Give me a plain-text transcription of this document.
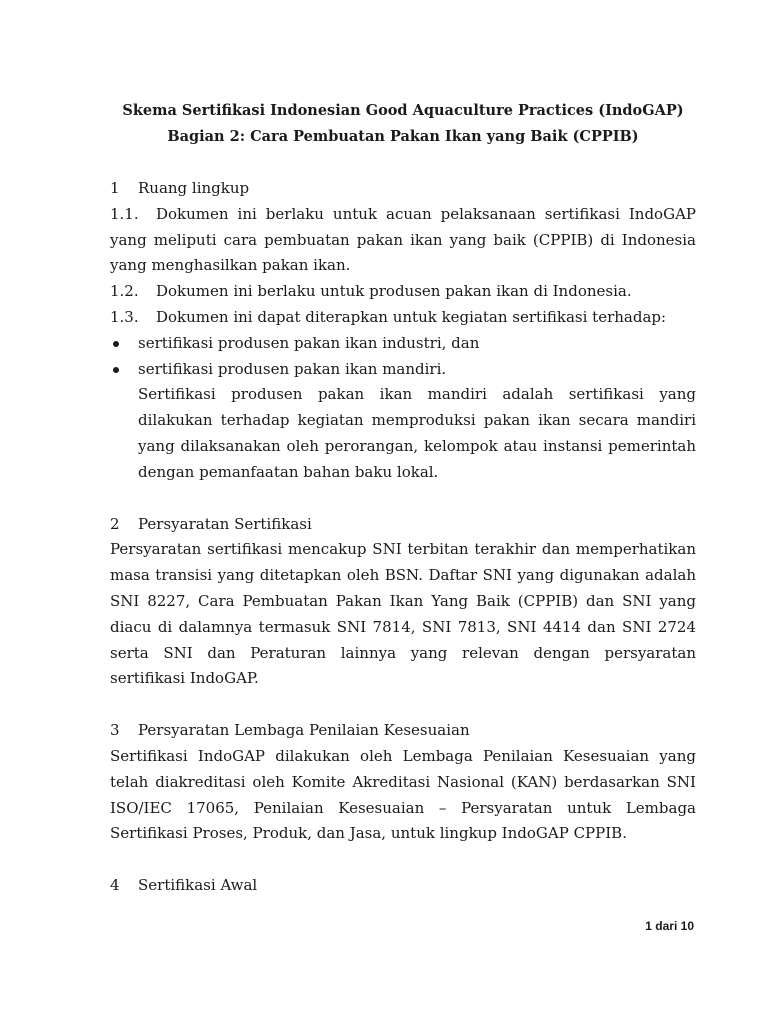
Skema Sertifikasi Indonesian Good Aquaculture Practices (IndoGAP)

Bagian 2: Cara Pembuatan Pakan Ikan yang Baik (CPPIB)

1	Ruang lingkup

1.1. Dokumen ini berlaku untuk acuan pelaksanaan sertifikasi IndoGAP yang meliputi cara pembuatan pakan ikan yang baik (CPPIB) di Indonesia yang menghasilkan pakan ikan.

1.2. Dokumen ini berlaku untuk produsen pakan ikan di Indonesia.

1.3. Dokumen ini dapat diterapkan untuk kegiatan sertifikasi terhadap:

sertifikasi produsen pakan ikan industri, dan
sertifikasi produsen pakan ikan mandiri.

Sertifikasi produsen pakan ikan mandiri adalah sertifikasi yang dilakukan terhadap kegiatan memproduksi pakan ikan secara mandiri yang dilaksanakan oleh perorangan, kelompok atau instansi pemerintah dengan pemanfaatan bahan baku lokal.

2	Persyaratan Sertifikasi

Persyaratan sertifikasi mencakup SNI terbitan terakhir dan memperhatikan masa transisi yang ditetapkan oleh BSN. Daftar SNI yang digunakan adalah SNI 8227, Cara Pembuatan Pakan Ikan Yang Baik (CPPIB) dan SNI yang diacu di dalamnya termasuk SNI 7814, SNI 7813, SNI 4414 dan SNI 2724 serta SNI dan Peraturan lainnya yang relevan dengan persyaratan sertifikasi IndoGAP.

3	Persyaratan Lembaga Penilaian Kesesuaian

Sertifikasi IndoGAP dilakukan oleh Lembaga Penilaian Kesesuaian yang telah diakreditasi oleh Komite Akreditasi Nasional (KAN) berdasarkan SNI ISO/IEC 17065, Penilaian Kesesuaian – Persyaratan untuk Lembaga Sertifikasi Proses, Produk, dan Jasa, untuk lingkup IndoGAP CPPIB.

4	Sertifikasi Awal

1 dari 10
